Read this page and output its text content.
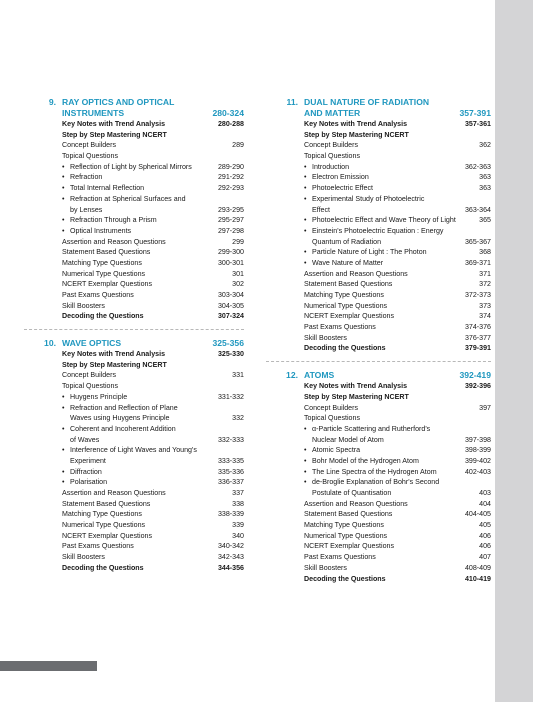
9. RAY OPTICS AND OPTICAL
INSTRUMENTS	280-324
Key Notes with Trend Analysis	280-288
Step by Step Mastering NCERT
Concept Builders	289
Topical Questions
• Reflection of Light by Spherical Mirrors	289-290
• Refraction	291-292
• Total Internal Reflection	292-293
• Refraction at Spherical Surfaces and
by Lenses	293-295
• Refraction Through a Prism	295-297
• Optical Instruments	297-298
Assertion and Reason Questions	299
Statement Based Questions	299-300
Matching Type Questions	300-301
Numerical Type Questions	301
NCERT Exemplar Questions	302
Past Exams Questions	303-304
Skill Boosters	304-305
Decoding the Questions	307-324
10. WAVE OPTICS	325-356
Key Notes with Trend Analysis	325-330
Step by Step Mastering NCERT
Concept Builders	331
Topical Questions
• Huygens Principle	331-332
• Refraction and Reflection of Plane
Waves using Huygens Principle	332
• Coherent and Incoherent Addition
of Waves	332-333
• Interference of Light Waves and Young's
Experiment	333-335
• Diffraction	335-336
• Polarisation	336-337
Assertion and Reason Questions	337
Statement Based Questions	338
Matching Type Questions	338-339
Numerical Type Questions	339
NCERT Exemplar Questions	340
Past Exams Questions	340-342
Skill Boosters	342-343
Decoding the Questions	344-356
11. DUAL NATURE OF RADIATION
AND MATTER	357-391
Key Notes with Trend Analysis	357-361
Step by Step Mastering NCERT
Concept Builders	362
Topical Questions
• Introduction	362-363
• Electron Emission	363
• Photoelectric Effect	363
• Experimental Study of Photoelectric
Effect	363-364
• Photoelectric Effect and Wave Theory of Light	365
• Einstein's Photoelectric Equation : Energy
Quantum of Radiation	365-367
• Particle Nature of Light : The Photon	368
• Wave Nature of Matter	369-371
Assertion and Reason Questions	371
Statement Based Questions	372
Matching Type Questions	372-373
Numerical Type Questions	373
NCERT Exemplar Questions	374
Past Exams Questions	374-376
Skill Boosters	376-377
Decoding the Questions	379-391
12. ATOMS	392-419
Key Notes with Trend Analysis	392-396
Step by Step Mastering NCERT
Concept Builders	397
Topical Questions
• α-Particle Scattering and Rutherford's
Nuclear Model of Atom	397-398
• Atomic Spectra	398-399
• Bohr Model of the Hydrogen Atom	399-402
• The Line Spectra of the Hydrogen Atom	402-403
• de-Broglie Explanation of Bohr's Second
Postulate of Quantisation	403
Assertion and Reason Questions	404
Statement Based Questions	404-405
Matching Type Questions	405
Numerical Type Questions	406
NCERT Exemplar Questions	406
Past Exams Questions	407
Skill Boosters	408-409
Decoding the Questions	410-419
